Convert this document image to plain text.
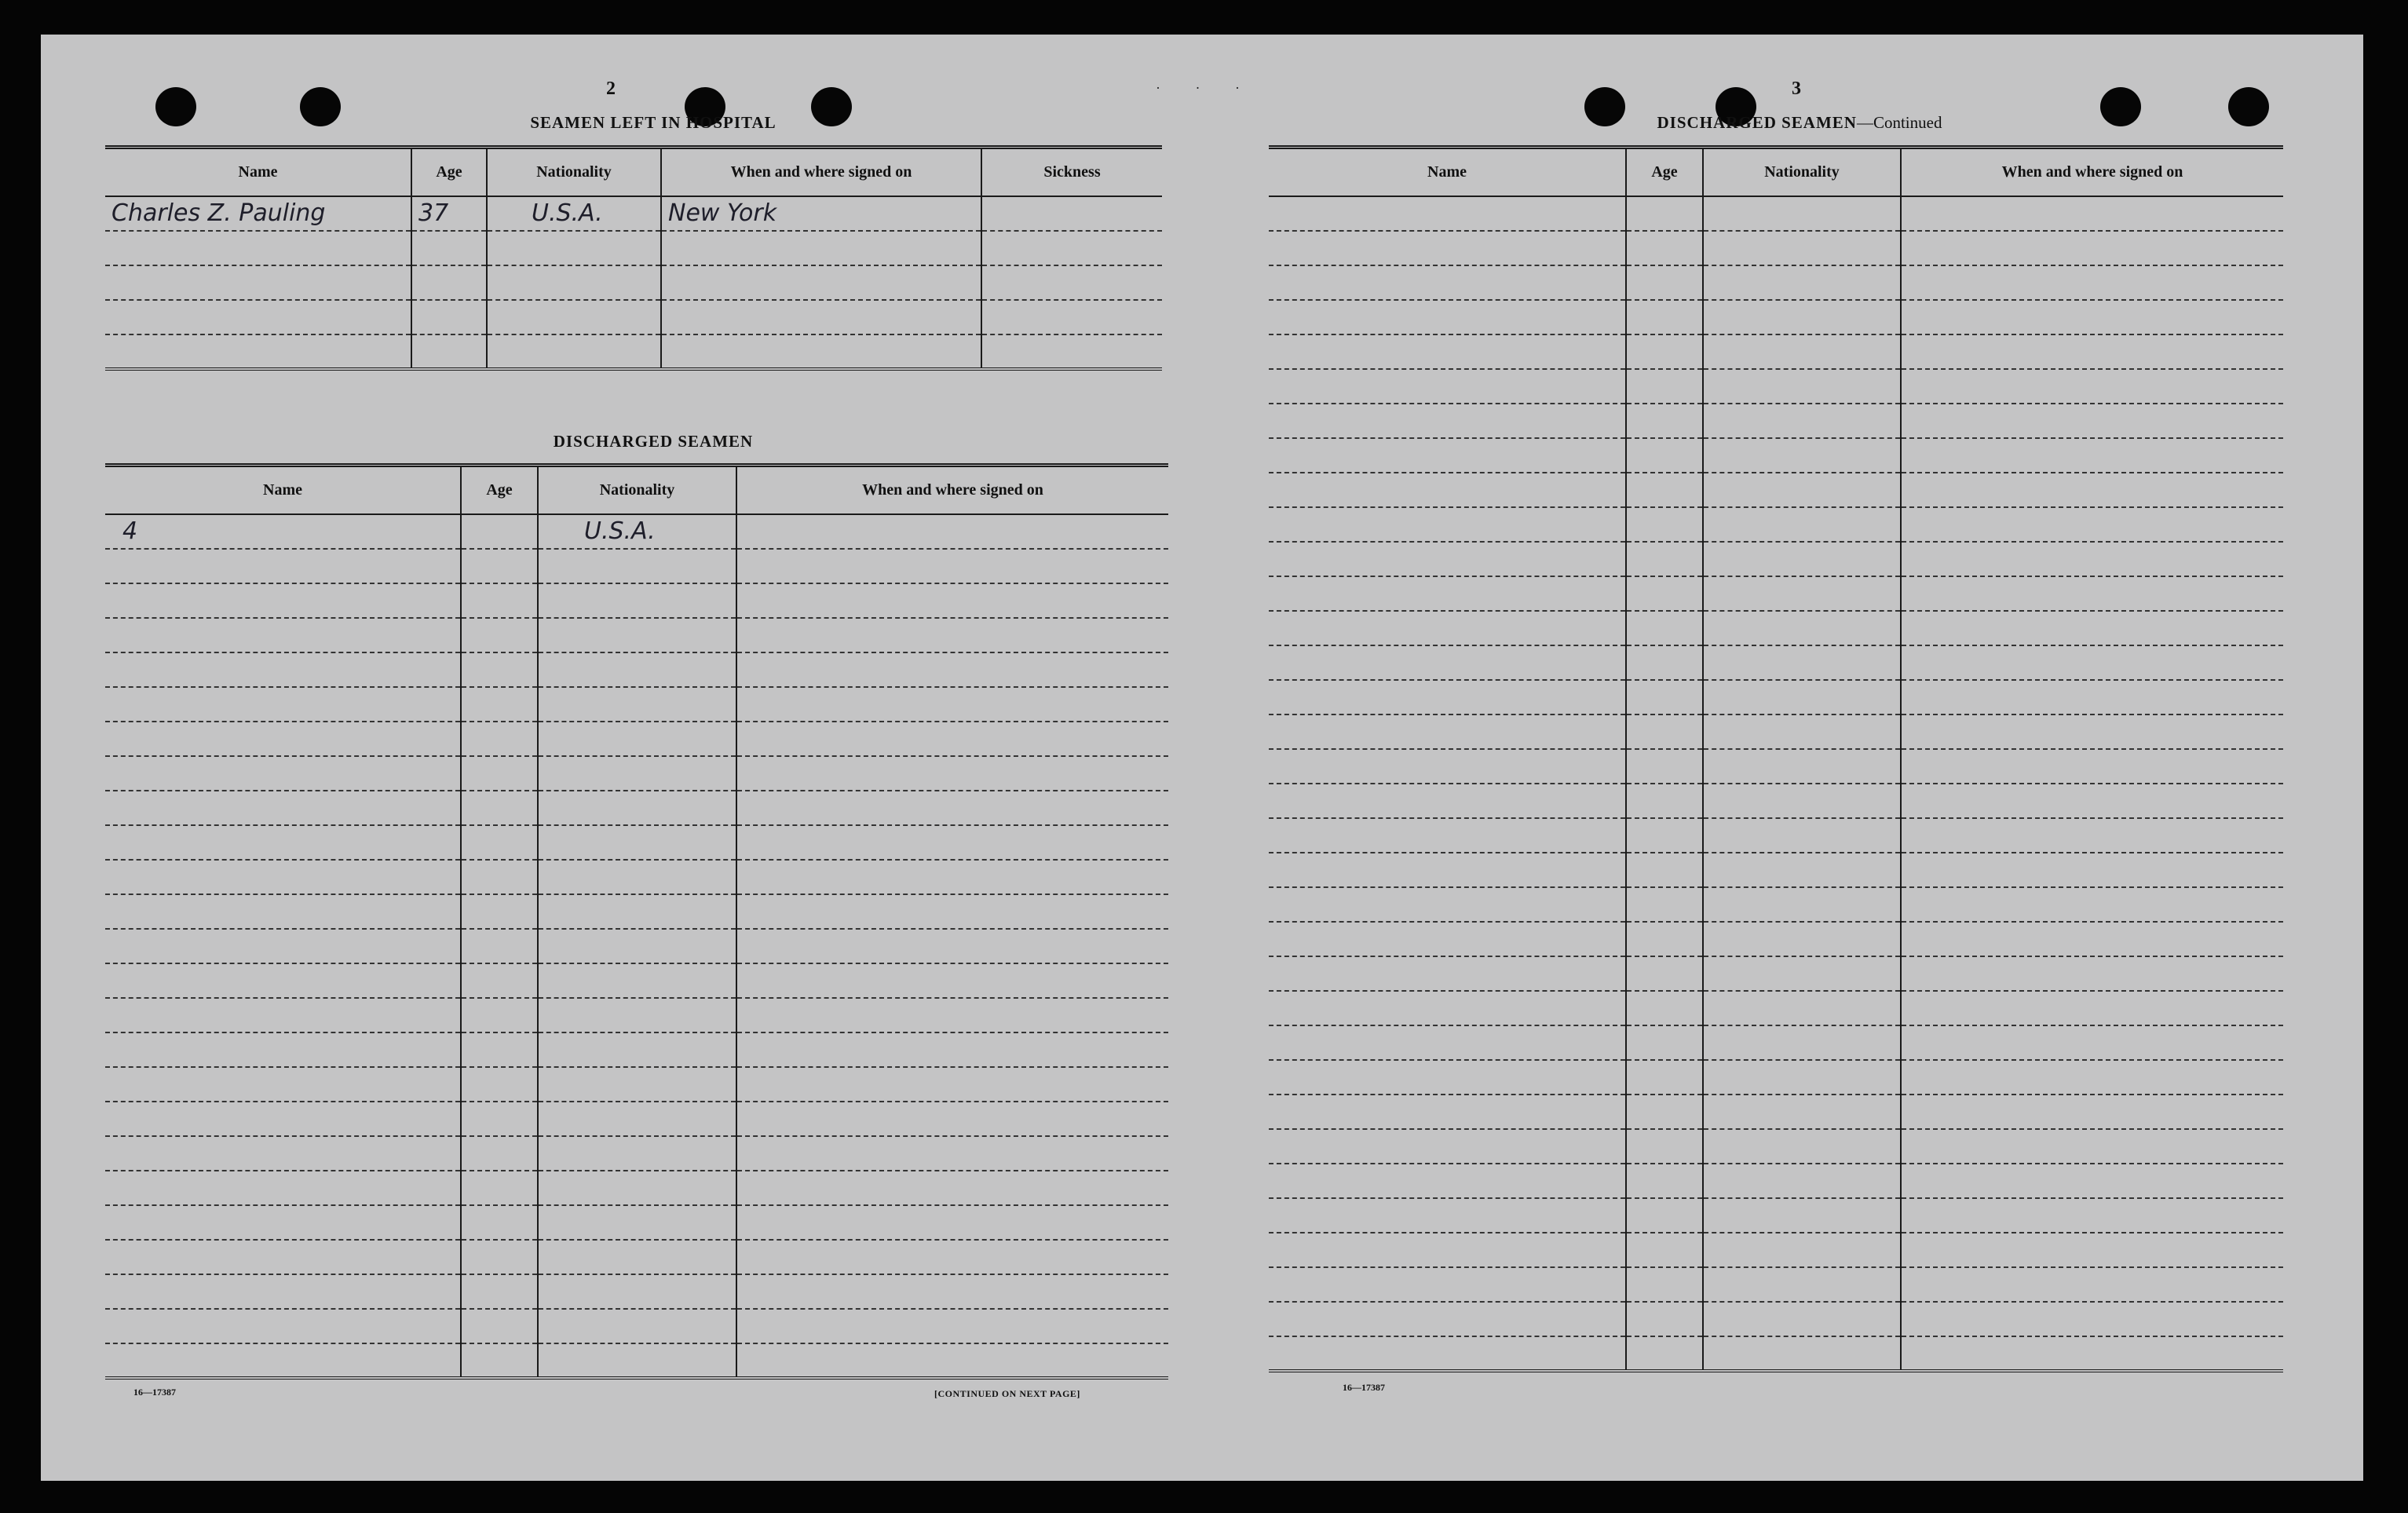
2
SEAMEN LEFT IN HOSPITAL
Name	Age	Nationality	When and where signed on	Sickness
Charles Z. Pauling	37	U.S.A.	New York	

DISCHARGED SEAMEN
Name	Age	Nationality	When and where signed on
4		U.S.A.	

16—17387	[CONTINUED ON NEXT PAGE]
· · ·	3
DISCHARGED SEAMEN—Continued
Name	Age	Nationality	When and where signed on

16—17387
